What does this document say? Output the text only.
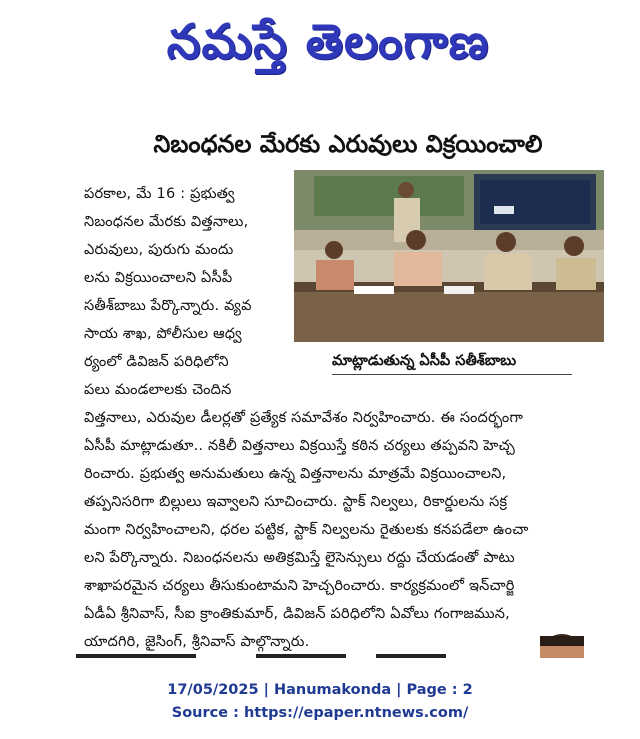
నమస్తే తెలంగాణ
నిబంధనల మేరకు ఎరువులు విక్రయించాలి
పరకాల, మే 16 : ప్రభుత్వ
నిబంధనల మేరకు విత్తనాలు,
ఎరువులు, పురుగు మందు
లను విక్రయించాలని ఏసీపీ
సతీశ్‌బాబు పేర్కొన్నారు. వ్యవ
సాయ శాఖ, పోలీసుల ఆధ్వ
ర్యంలో డివిజన్ పరిధిలోని
పలు మండలాలకు చెందిన
మాట్లాడుతున్న ఏసీపీ సతీశ్‌బాబు
విత్తనాలు, ఎరువుల డీలర్లతో ప్రత్యేక సమావేశం నిర్వహించారు. ఈ సందర్భంగా
ఏసీపీ మాట్లాడుతూ.. నకిలీ విత్తనాలు విక్రయిస్తే కఠిన చర్యలు తప్పవని హెచ్చ
రించారు. ప్రభుత్వ అనుమతులు ఉన్న విత్తనాలను మాత్రమే విక్రయించాలని,
తప్పనిసరిగా బిల్లులు ఇవ్వాలని సూచించారు. స్టాక్ నిల్వలు, రికార్డులను సక్ర
మంగా నిర్వహించాలని, ధరల పట్టిక, స్టాక్ నిల్వలను రైతులకు కనపడేలా ఉంచా
లని పేర్కొన్నారు. నిబంధనలను అతిక్రమిస్తే లైసెన్సులు రద్దు చేయడంతో పాటు
శాఖాపరమైన చర్యలు తీసుకుంటామని హెచ్చరించారు. కార్యక్రమంలో ఇన్‌చార్జి
ఏడీఏ శ్రీనివాస్, సీఐ క్రాంతికుమార్, డివిజన్ పరిధిలోని ఏవోలు గంగాజమున,
యాదగిరి, జైసింగ్, శ్రీనివాస్ పాల్గొన్నారు.
17/05/2025 | Hanumakonda | Page : 2
Source : https://epaper.ntnews.com/
